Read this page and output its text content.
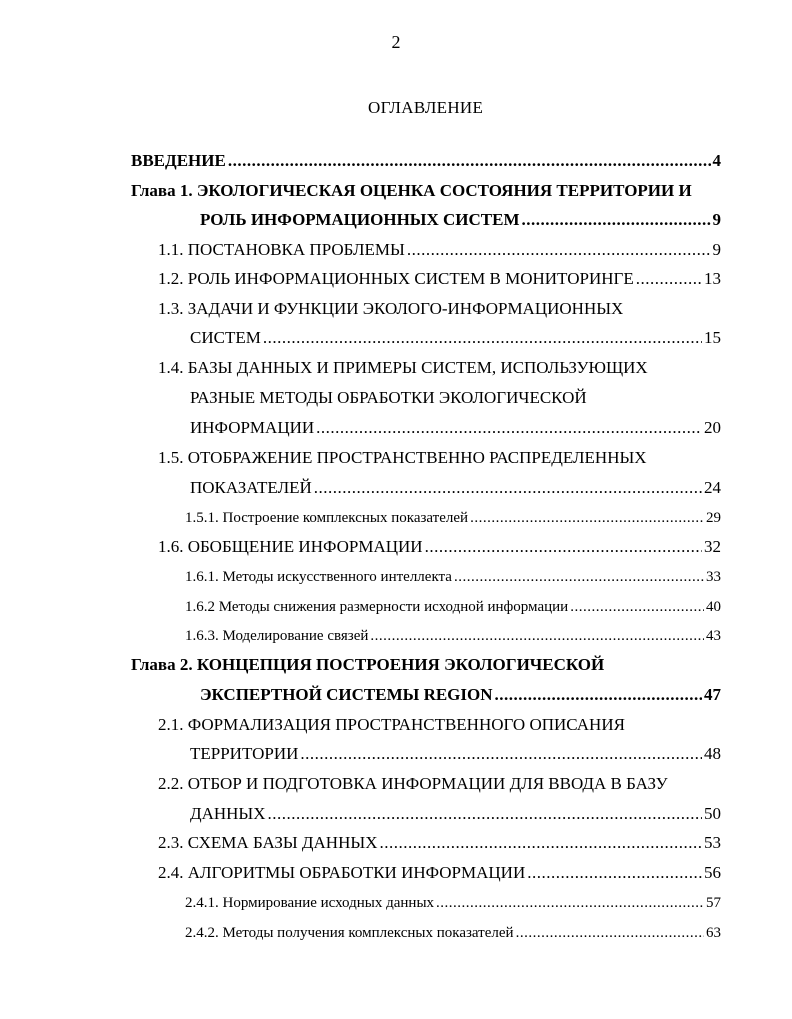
2
ОГЛАВЛЕНИЕ
ВВЕДЕНИЕ .....	4
Глава 1. ЭКОЛОГИЧЕСКАЯ ОЦЕНКА СОСТОЯНИЯ ТЕРРИТОРИИ И
РОЛЬ ИНФОРМАЦИОННЫХ СИСТЕМ .....	9
1.1. ПОСТАНОВКА ПРОБЛЕМЫ .....	9
1.2. РОЛЬ ИНФОРМАЦИОННЫХ СИСТЕМ В МОНИТОРИНГЕ .....	13
1.3. ЗАДАЧИ И ФУНКЦИИ ЭКОЛОГО-ИНФОРМАЦИОННЫХ
СИСТЕМ .....	15
1.4. БАЗЫ ДАННЫХ И ПРИМЕРЫ СИСТЕМ, ИСПОЛЬЗУЮЩИХ
РАЗНЫЕ МЕТОДЫ ОБРАБОТКИ ЭКОЛОГИЧЕСКОЙ
ИНФОРМАЦИИ .....	20
1.5. ОТОБРАЖЕНИЕ ПРОСТРАНСТВЕННО РАСПРЕДЕЛЕННЫХ
ПОКАЗАТЕЛЕЙ .....	24
1.5.1. Построение комплексных показателей .....	29
1.6. ОБОБЩЕНИЕ ИНФОРМАЦИИ .....	32
1.6.1. Методы искусственного интеллекта .....	33
1.6.2 Методы снижения размерности исходной информации .....	40
1.6.3. Моделирование связей .....	43
Глава 2. КОНЦЕПЦИЯ ПОСТРОЕНИЯ ЭКОЛОГИЧЕСКОЙ
ЭКСПЕРТНОЙ СИСТЕМЫ REGION .....	47
2.1. ФОРМАЛИЗАЦИЯ ПРОСТРАНСТВЕННОГО ОПИСАНИЯ
ТЕРРИТОРИИ .....	48
2.2. ОТБОР И ПОДГОТОВКА ИНФОРМАЦИИ ДЛЯ ВВОДА В БАЗУ
ДАННЫХ .....	50
2.3. СХЕМА БАЗЫ ДАННЫХ .....	53
2.4. АЛГОРИТМЫ ОБРАБОТКИ ИНФОРМАЦИИ .....	56
2.4.1. Нормирование исходных данных .....	57
2.4.2. Методы получения комплексных показателей .....	63
